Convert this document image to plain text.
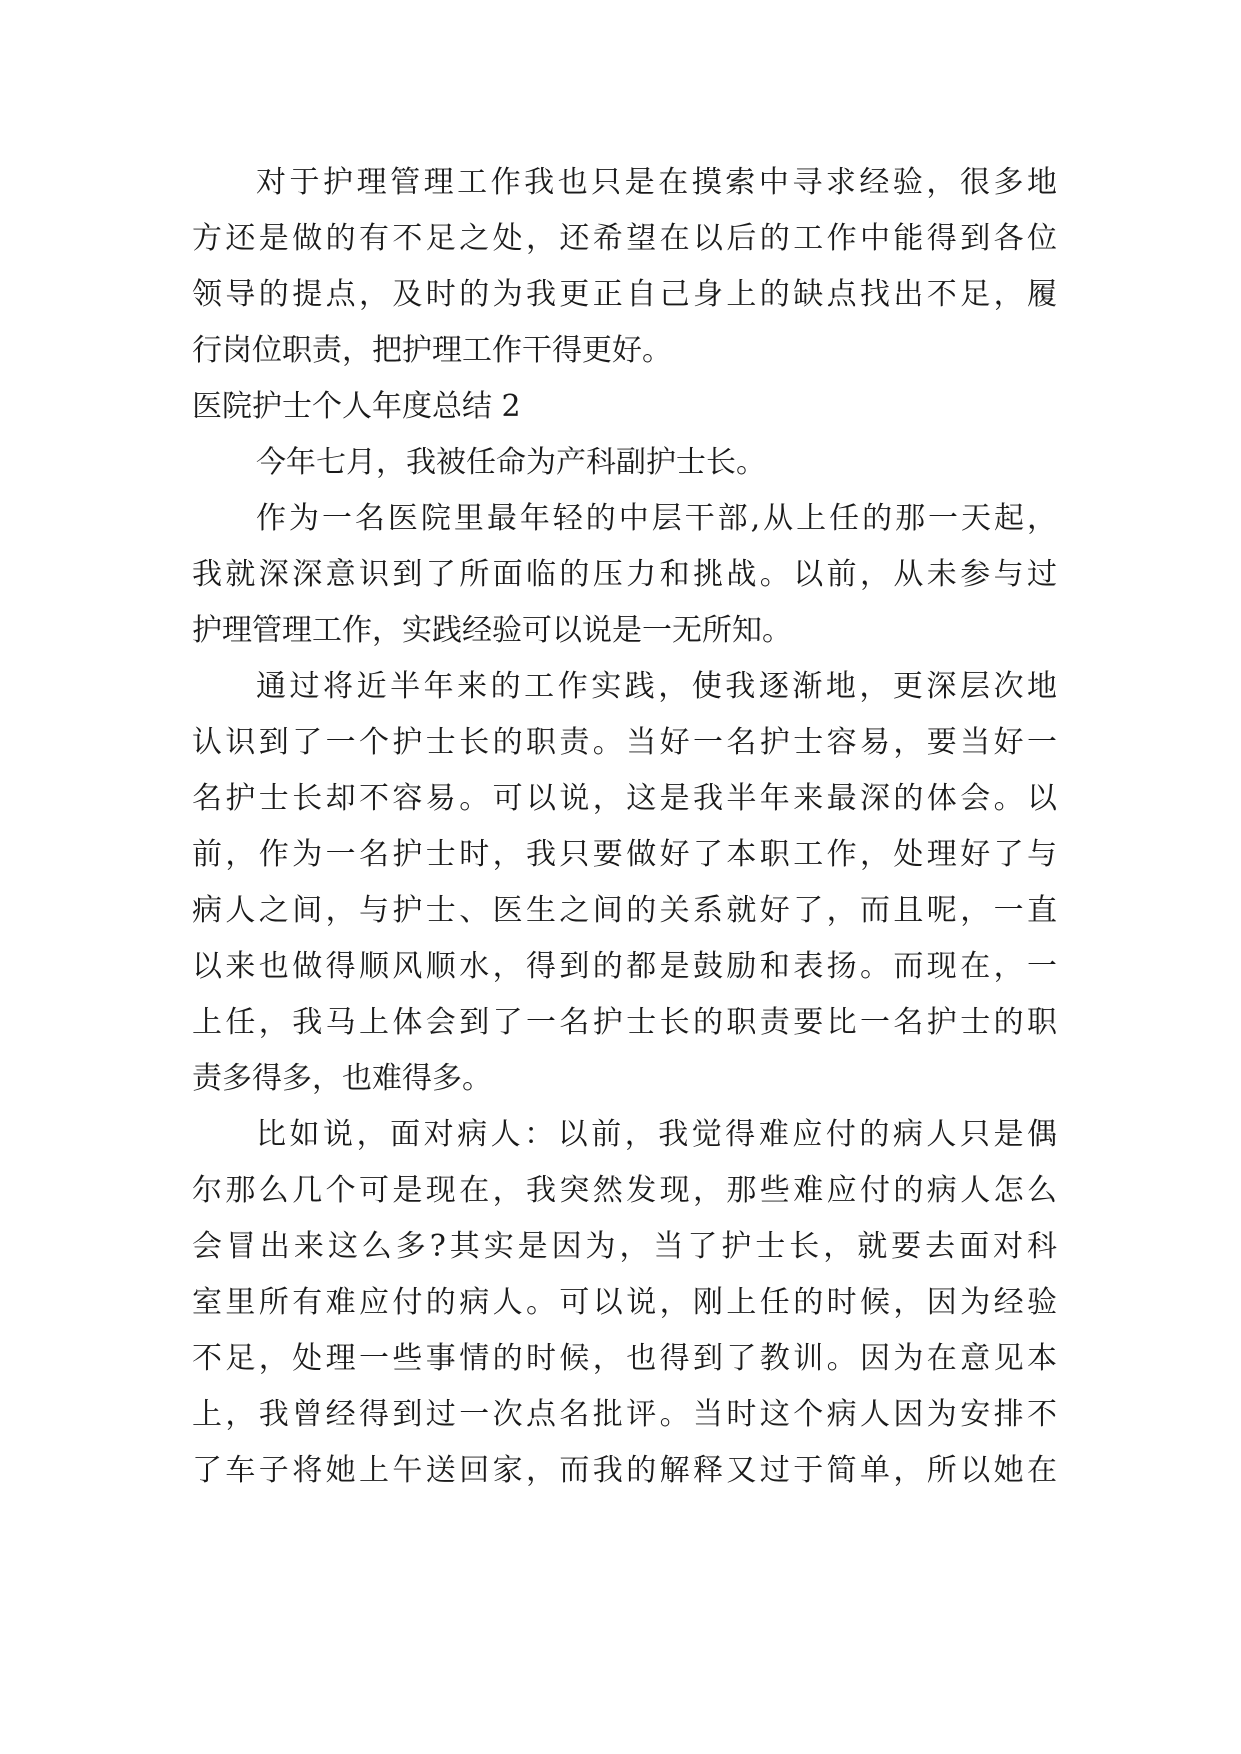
对于护理管理工作我也只是在摸索中寻求经验，很多地
方还是做的有不足之处，还希望在以后的工作中能得到各位
领导的提点，及时的为我更正自己身上的缺点找出不足，履
行岗位职责，把护理工作干得更好。
医院护士个人年度总结 2
今年七月，我被任命为产科副护士长。
作为一名医院里最年轻的中层干部,从上任的那一天起，
我就深深意识到了所面临的压力和挑战。以前，从未参与过
护理管理工作，实践经验可以说是一无所知。
通过将近半年来的工作实践，使我逐渐地，更深层次地
认识到了一个护士长的职责。当好一名护士容易，要当好一
名护士长却不容易。可以说，这是我半年来最深的体会。以
前，作为一名护士时，我只要做好了本职工作，处理好了与
病人之间，与护士、医生之间的关系就好了，而且呢，一直
以来也做得顺风顺水，得到的都是鼓励和表扬。而现在，一
上任，我马上体会到了一名护士长的职责要比一名护士的职
责多得多，也难得多。
比如说，面对病人：以前，我觉得难应付的病人只是偶
尔那么几个可是现在，我突然发现，那些难应付的病人怎么
会冒出来这么多?其实是因为，当了护士长，就要去面对科
室里所有难应付的病人。可以说，刚上任的时候，因为经验
不足，处理一些事情的时候，也得到了教训。因为在意见本
上，我曾经得到过一次点名批评。当时这个病人因为安排不
了车子将她上午送回家，而我的解释又过于简单，所以她在
